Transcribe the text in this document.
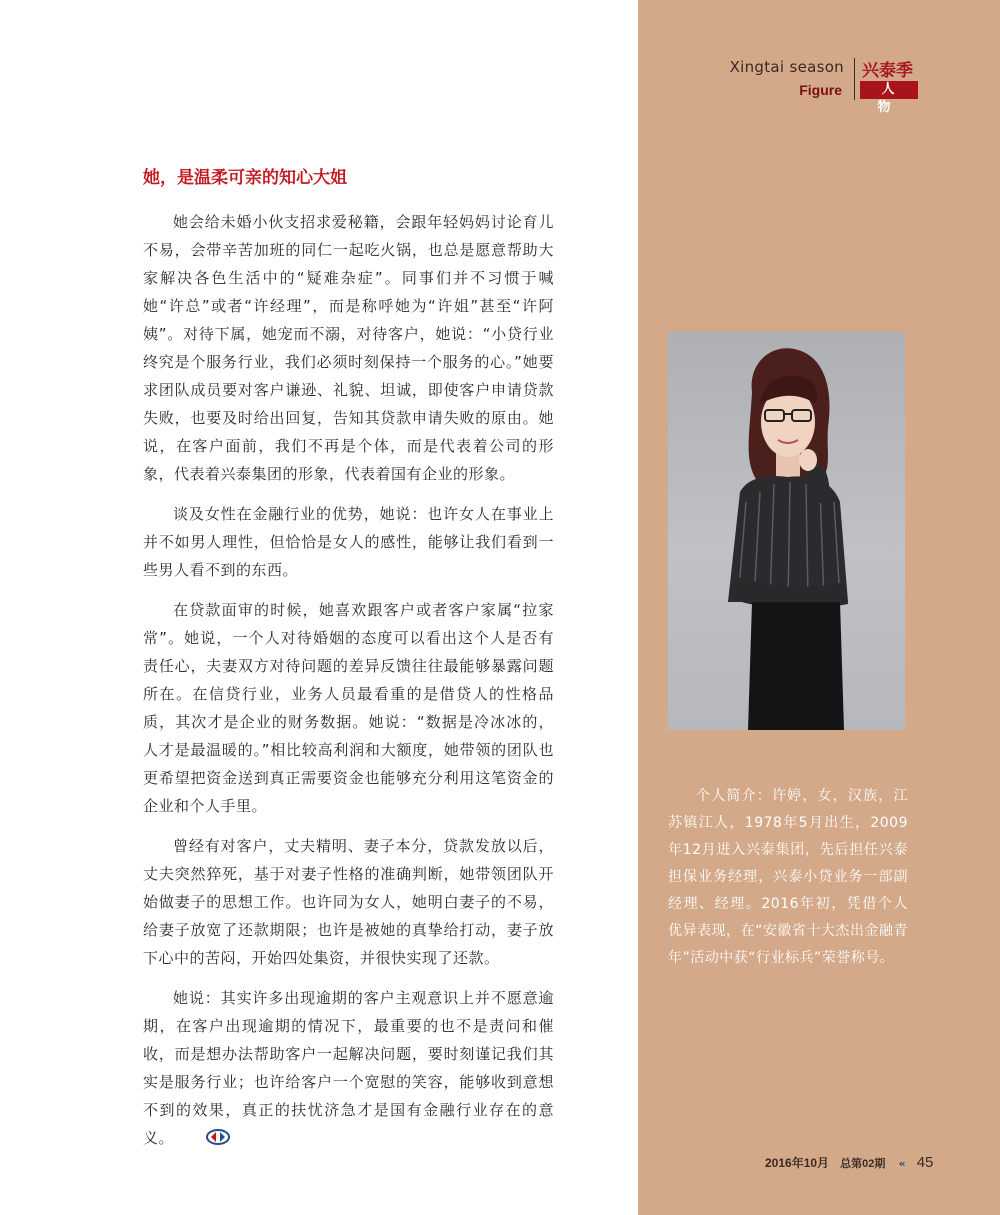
Xingtai season
Figure
兴泰季
人 物
她，是温柔可亲的知心大姐

她会给未婚小伙支招求爱秘籍，会跟年轻妈妈讨论育儿不易，会带辛苦加班的同仁一起吃火锅，也总是愿意帮助大家解决各色生活中的“疑难杂症”。同事们并不习惯于喊她“许总”或者“许经理”，而是称呼她为“许姐”甚至“许阿姨”。对待下属，她宠而不溺，对待客户，她说：“小贷行业终究是个服务行业，我们必须时刻保持一个服务的心。”她要求团队成员要对客户谦逊、礼貌、坦诚，即使客户申请贷款失败，也要及时给出回复，告知其贷款申请失败的原由。她说，在客户面前，我们不再是个体，而是代表着公司的形象，代表着兴泰集团的形象，代表着国有企业的形象。

谈及女性在金融行业的优势，她说：也许女人在事业上并不如男人理性，但恰恰是女人的感性，能够让我们看到一些男人看不到的东西。

在贷款面审的时候，她喜欢跟客户或者客户家属“拉家常”。她说，一个人对待婚姻的态度可以看出这个人是否有责任心，夫妻双方对待问题的差异反馈往往最能够暴露问题所在。在信贷行业，业务人员最看重的是借贷人的性格品质，其次才是企业的财务数据。她说：“数据是冷冰冰的，人才是最温暖的。”相比较高利润和大额度，她带领的团队也更希望把资金送到真正需要资金也能够充分利用这笔资金的企业和个人手里。

曾经有对客户，丈夫精明、妻子本分，贷款发放以后，丈夫突然猝死，基于对妻子性格的准确判断，她带领团队开始做妻子的思想工作。也许同为女人，她明白妻子的不易，给妻子放宽了还款期限；也许是被她的真挚给打动，妻子放下心中的苦闷，开始四处集资，并很快实现了还款。

她说：其实许多出现逾期的客户主观意识上并不愿意逾期，在客户出现逾期的情况下，最重要的也不是责问和催收，而是想办法帮助客户一起解决问题，要时刻谨记我们其实是服务行业；也许给客户一个宽慰的笑容，能够收到意想不到的效果，真正的扶忧济急才是国有金融行业存在的意义。

个人简介：许婷，女，汉族，江苏镇江人，1978年5月出生，2009年12月进入兴泰集团，先后担任兴泰担保业务经理，兴泰小贷业务一部副经理、经理。2016年初，凭借个人优异表现，在“安徽省十大杰出金融青年”活动中获“行业标兵”荣誉称号。
2016年10月 总第02期 « 45
